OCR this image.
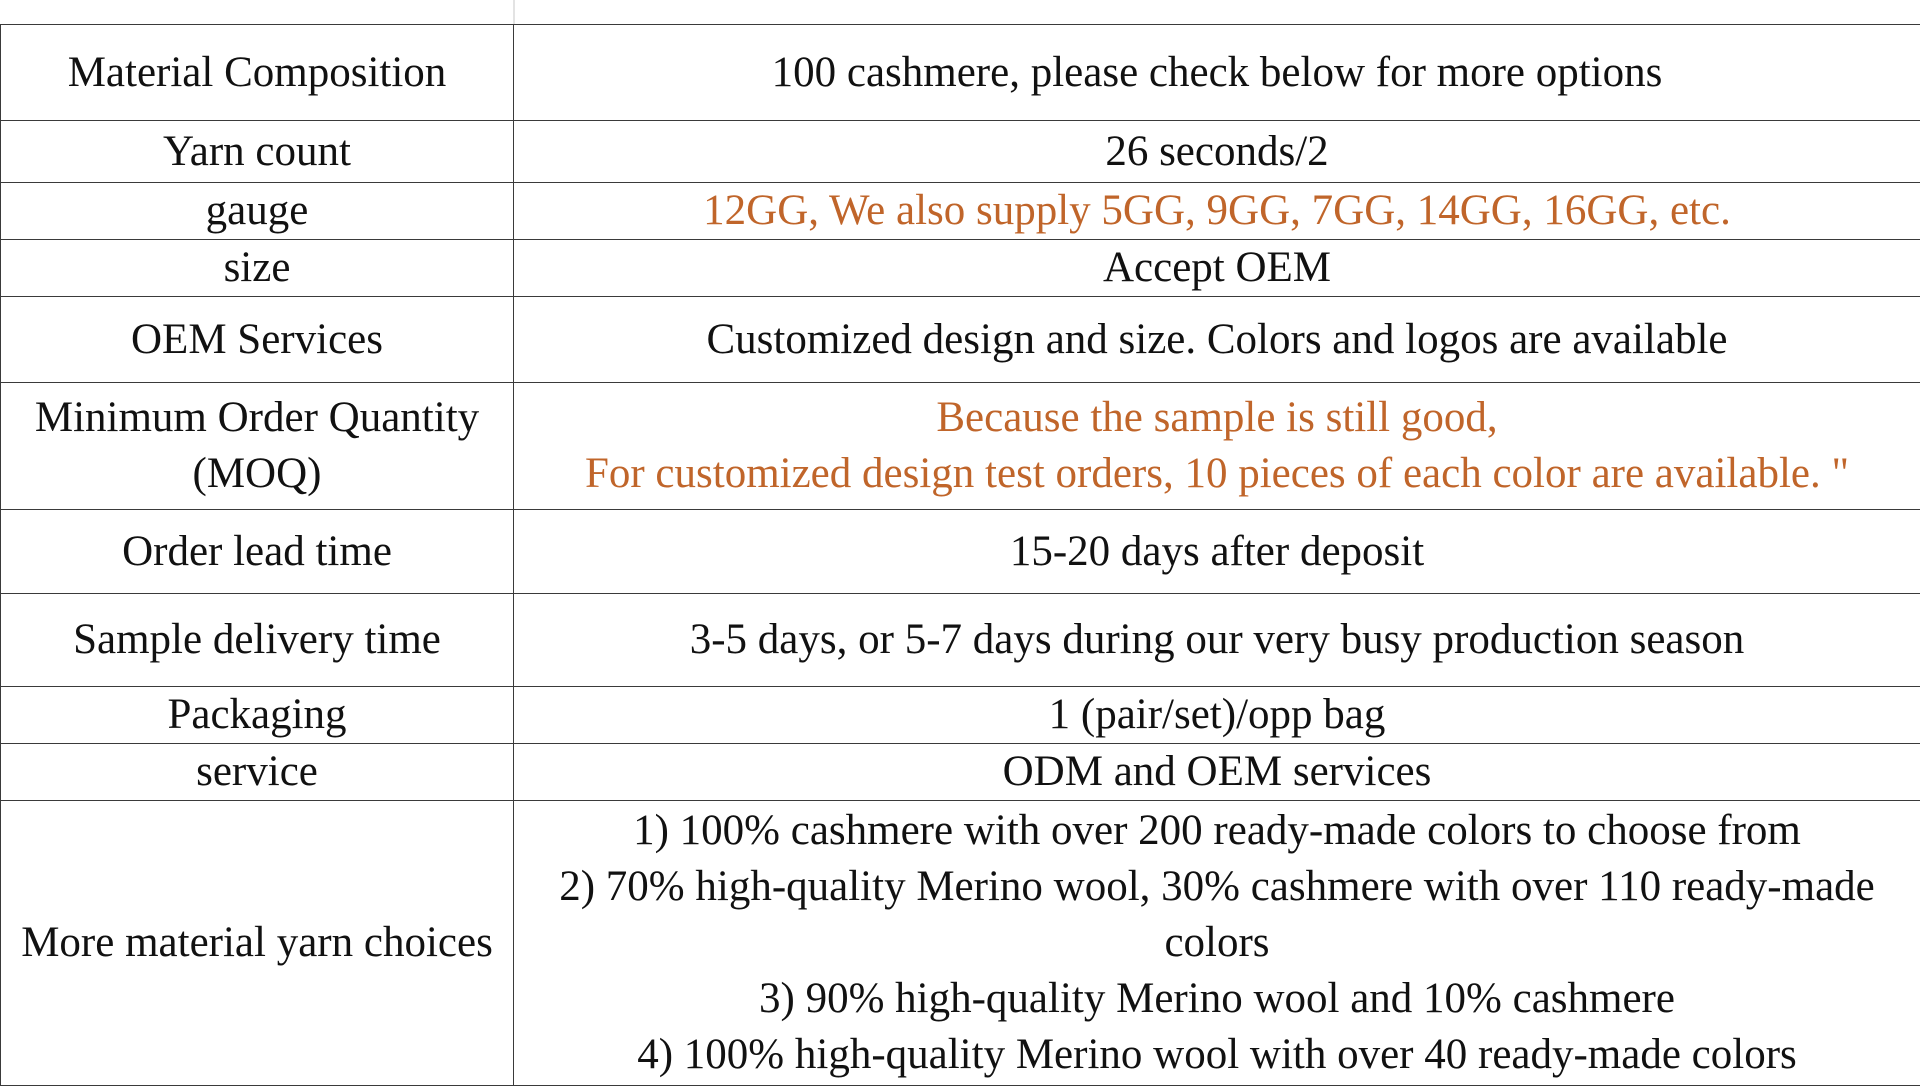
Material Composition	100 cashmere, please check below for more options

Yarn count	26 seconds/2

gauge	12GG, We also supply 5GG, 9GG, 7GG, 14GG, 16GG, etc.

size	Accept OEM

OEM Services	Customized design and size. Colors and logos are available

Minimum Order Quantity
(MOQ)	Because the sample is still good,
For customized design test orders, 10 pieces of each color are available. "

Order lead time	15-20 days after deposit

Sample delivery time	3-5 days, or 5-7 days during our very busy production season

Packaging	1 (pair/set)/opp bag

service	ODM and OEM services

More material yarn choices	1) 100% cashmere with over 200 ready-made colors to choose from
2) 70% high-quality Merino wool, 30% cashmere with over 110 ready-made
colors
3) 90% high-quality Merino wool and 10% cashmere
4) 100% high-quality Merino wool with over 40 ready-made colors
